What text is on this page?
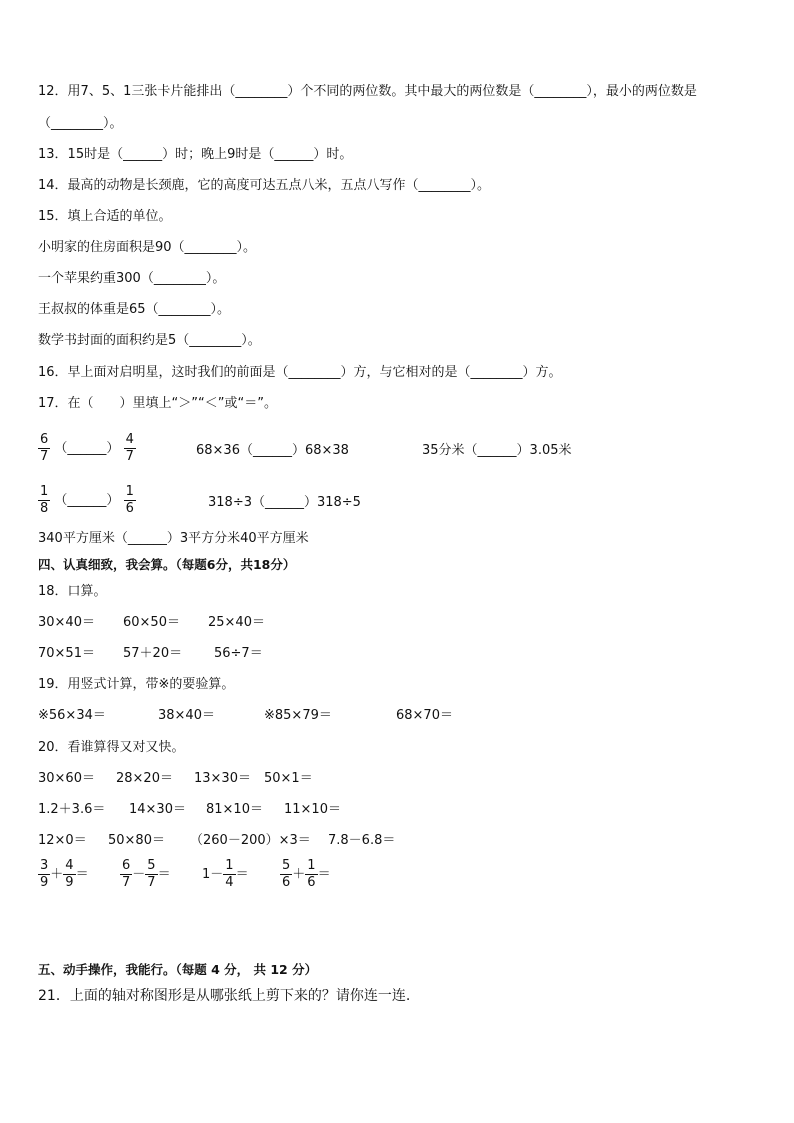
12．用7、5、1三张卡片能排出（________）个不同的两位数。其中最大的两位数是（________），最小的两位数是
（________）。
13．15时是（______）时；晚上9时是（______）时。
14．最高的动物是长颈鹿，它的高度可达五点八米，五点八写作（________）。
15．填上合适的单位。
小明家的住房面积是90（________）。
一个苹果约重300（________）。
王叔叔的体重是65（________）。
数学书封面的面积约是5（________）。
16．早上面对启明星，这时我们的前面是（________）方，与它相对的是（________）方。
17．在（　　）里填上“＞”“＜”或“＝”。
$\frac{6}{7}$ （______） $\frac{4}{7}$	68×36（______）68×38	35分米（______）3.05米
$\frac{1}{8}$ （______） $\frac{1}{6}$	318÷3（______）318÷5
340平方厘米（______）3平方分米40平方厘米
四、认真细致，我会算。（每题6分，共18分）
18．口算。
30×40＝ 60×50＝ 25×40＝
70×51＝ 57＋20＝ 56÷7＝
19．用竖式计算，带※的要验算。
※56×34＝	38×40＝	※85×79＝	68×70＝
20．看谁算得又对又快。
30×60＝ 28×20＝ 13×30＝ 50×1＝
1.2＋3.6＝ 14×30＝ 81×10＝ 11×10＝
12×0＝ 50×80＝ （260－200）×3＝ 7.8－6.8＝
$\frac{3}{9} + \frac{4}{9} = \frac{6}{7} - \frac{5}{7} = 1- \frac{1}{4} = \frac{5}{6} + \frac{1}{6}$ ＝
五、动手操作，我能行。（每题 4 分， 共 12 分）
21．上面的轴对称图形是从哪张纸上剪下来的？请你连一连.
